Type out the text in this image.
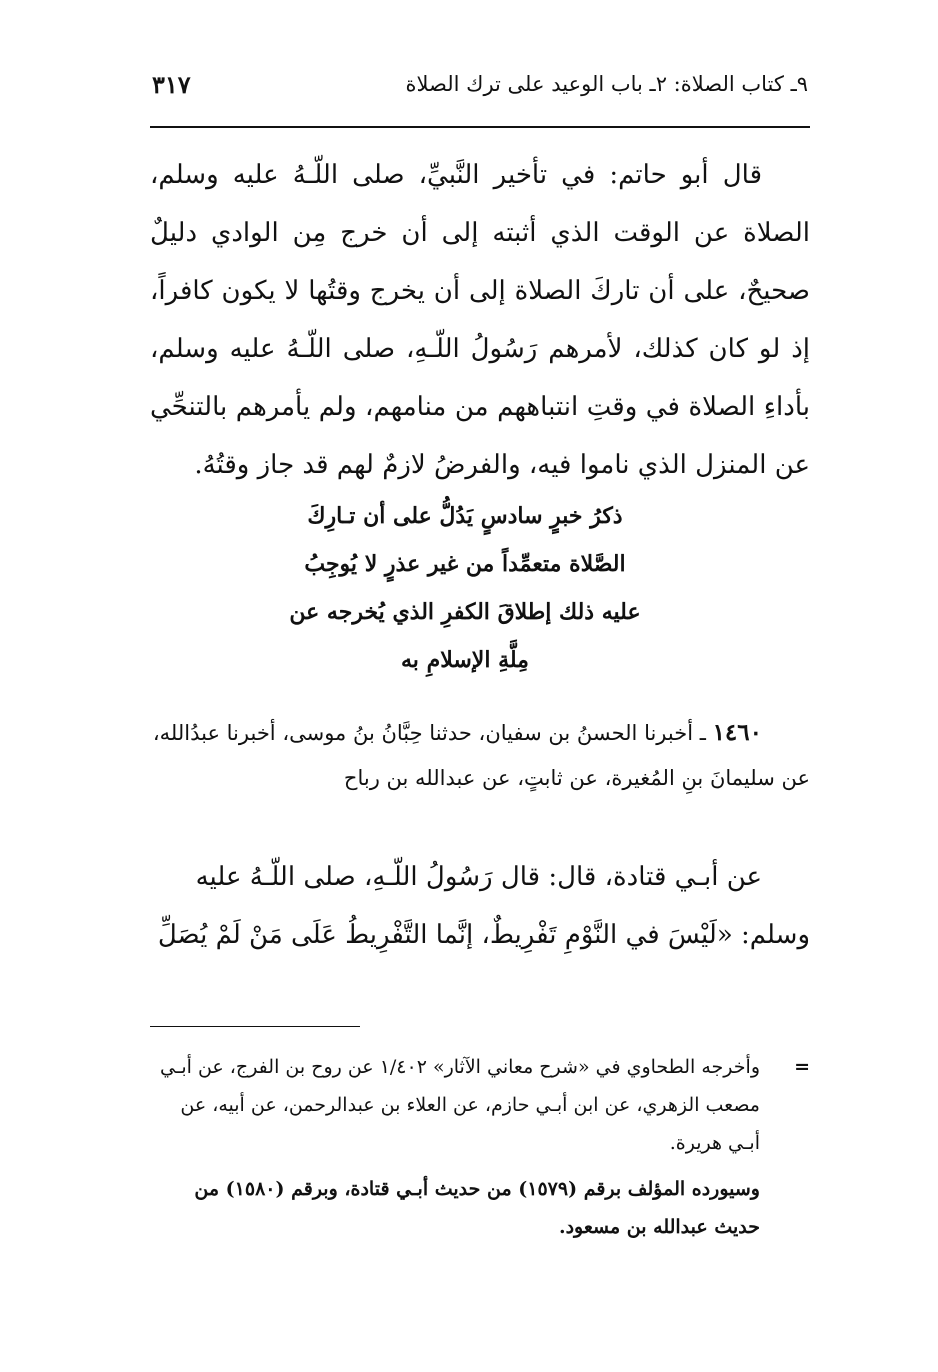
٩ـ كتاب الصلاة: ٢ـ باب الوعيد على ترك الصلاة
٣١٧

قال أبو حاتم: في تأخير النَّبيِّ، صلى اللّـهُ عليه وسلم، الصلاة عن الوقت الذي أثبته إلى أن خرج مِن الوادي دليلٌ صحيحٌ، على أن تاركَ الصلاة إلى أن يخرج وقتُها لا يكون كافراً، إذ لو كان كذلك، لأمرهم رَسُولُ اللّـهِ، صلى اللّـهُ عليه وسلم، بأداءِ الصلاة في وقتِ انتباههم من منامهم، ولم يأمرهم بالتنحِّي عن المنزل الذي ناموا فيه، والفرضُ لازمٌ لهم قد جاز وقتُهُ.

ذكرُ خبرٍ سادسٍ يَدُلُّ على أن تـارِكَ

الصَّلاة متعمِّداً من غير عذرٍ لا يُوجِبُ

عليه ذلك إطلاقَ الكفرِ الذي يُخرجه عن

مِلَّةِ الإسلامِ به

١٤٦٠ ـ أخبرنا الحسنُ بن سفيان، حدثنا حِبَّانُ بنُ موسى، أخبرنا عبدُالله، عن سليمانَ بنِ المُغيرة، عن ثابتٍ، عن عبدالله بن رباح

عن أبـي قتادة، قال: قال رَسُولُ اللّـهِ، صلى اللّـهُ عليه وسلم: «لَيْسَ في النَّوْمِ تَفْرِيطٌ، إنَّما التَّفْرِيطُ عَلَى مَنْ لَمْ يُصَلِّ

=
وأخرجه الطحاوي في «شرح معاني الآثار» ١/٤٠٢ عن روح بن الفرج، عن أبـي مصعب الزهري، عن ابن أبـي حازم، عن العلاء بن عبدالرحمن، عن أبيه، عن أبـي هريرة.

وسيورده المؤلف برقم (١٥٧٩) من حديث أبـي قتادة، وبرقم (١٥٨٠) من حديث عبدالله بن مسعود.
